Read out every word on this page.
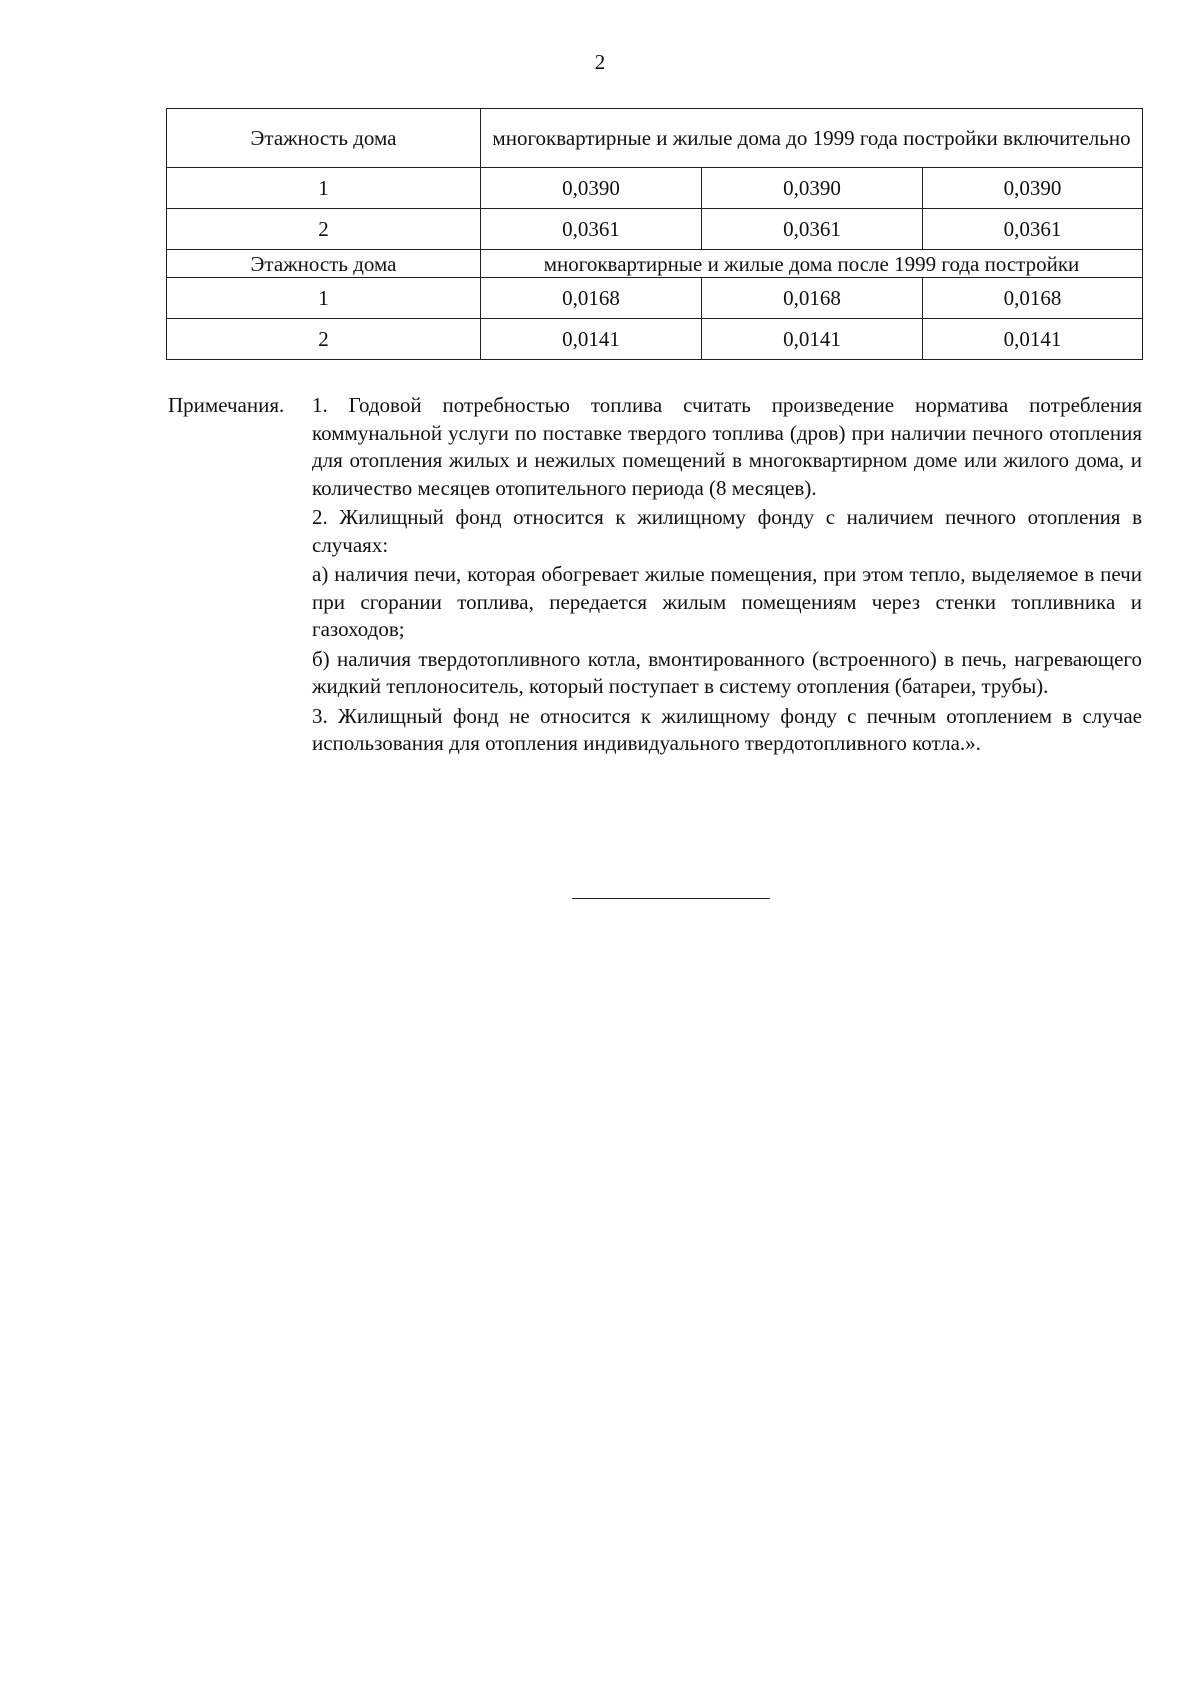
2
Этажность дома	многоквартирные и жилые дома до 1999 года постройки включительно		
1	0,0390	0,0390	0,0390
2	0,0361	0,0361	0,0361
Этажность дома	многоквартирные и жилые дома после 1999 года постройки		
1	0,0168	0,0168	0,0168
2	0,0141	0,0141	0,0141
Примечания. 1. Годовой потребностью топлива считать произведение норматива потребления коммунальной услуги по поставке твердого топлива (дров) при наличии печного отопления для отопления жилых и нежилых помещений в многоквартирном доме или жилого дома, и количество месяцев отопительного периода (8 месяцев).

2. Жилищный фонд относится к жилищному фонду с наличием печного отопления в случаях:

а) наличия печи, которая обогревает жилые помещения, при этом тепло, выделяемое в печи при сгорании топлива, передается жилым помещениям через стенки топливника и газоходов;

б) наличия твердотопливного котла, вмонтированного (встроенного) в печь, нагревающего жидкий теплоноситель, который поступает в систему отопления (батареи, трубы).

3. Жилищный фонд не относится к жилищному фонду с печным отоплением в случае использования для отопления индивидуального твердотопливного котла.».
